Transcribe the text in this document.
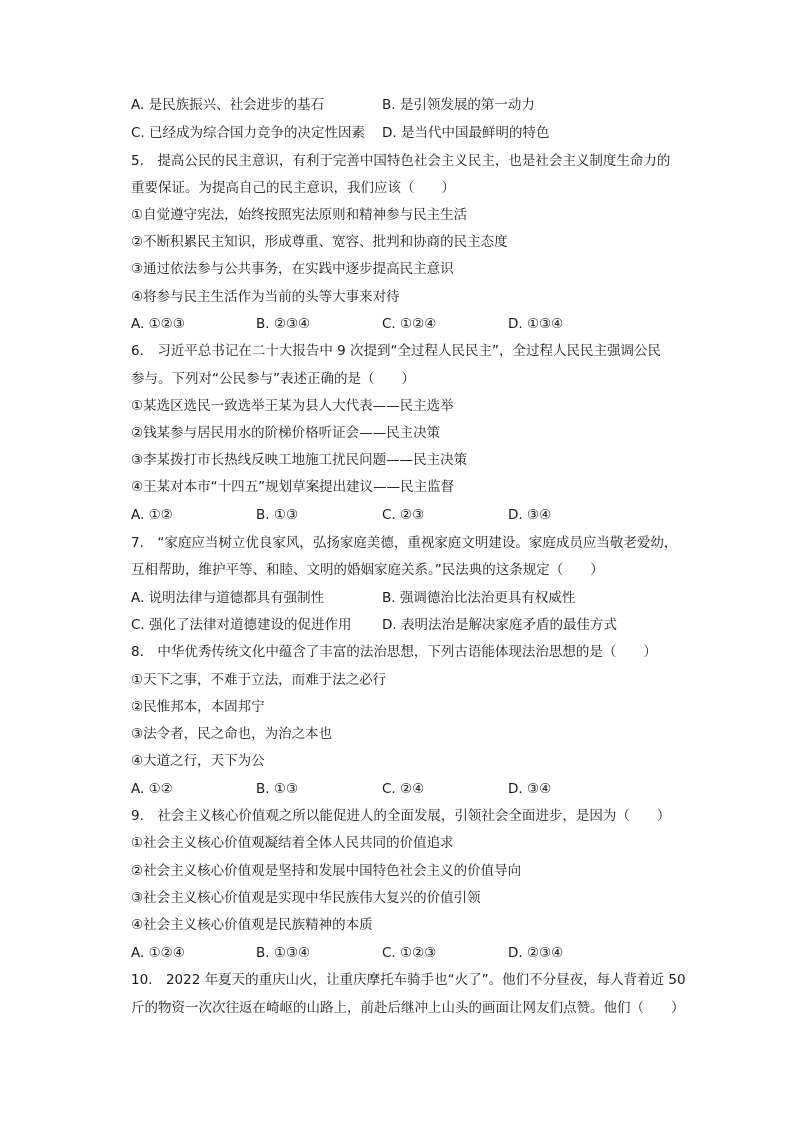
A. 是民族振兴、社会进步的基石	B. 是引领发展的第一动力
C. 已经成为综合国力竞争的决定性因素 D. 是当代中国最鲜明的特色
5.　提高公民的民主意识，有利于完善中国特色社会主义民主，也是社会主义制度生命力的
重要保证。为提高自己的民主意识，我们应该（　　）
①自觉遵守宪法，始终按照宪法原则和精神参与民主生活
②不断积累民主知识，形成尊重、宽容、批判和协商的民主态度
③通过依法参与公共事务，在实践中逐步提高民主意识
④将参与民主生活作为当前的头等大事来对待
A. ①②③	B. ②③④	C. ①②④	D. ①③④
6.　习近平总书记在二十大报告中 9 次提到“全过程人民民主”，全过程人民民主强调公民
参与。下列对“公民参与”表述正确的是（　　）
①某选区选民一致选举王某为县人大代表——民主选举
②钱某参与居民用水的阶梯价格听证会——民主决策
③李某拨打市长热线反映工地施工扰民问题——民主决策
④王某对本市“十四五”规划草案提出建议——民主监督
A. ①②	B. ①③	C. ②③	D. ③④
7.　“家庭应当树立优良家风，弘扬家庭美德，重视家庭文明建设。家庭成员应当敬老爱幼，
互相帮助，维护平等、和睦、文明的婚姻家庭关系。”民法典的这条规定（　　）
A. 说明法律与道德都具有强制性	B. 强调德治比法治更具有权威性
C. 强化了法律对道德建设的促进作用 D. 表明法治是解决家庭矛盾的最佳方式
8.　中华优秀传统文化中蕴含了丰富的法治思想，下列古语能体现法治思想的是（　　）
①天下之事，不难于立法，而难于法之必行
②民惟邦本，本固邦宁
③法令者，民之命也，为治之本也
④大道之行，天下为公
A. ①②	B. ①③	C. ②④	D. ③④
9.　社会主义核心价值观之所以能促进人的全面发展，引领社会全面进步，是因为（　　）
①社会主义核心价值观凝结着全体人民共同的价值追求
②社会主义核心价值观是坚持和发展中国特色社会主义的价值导向
③社会主义核心价值观是实现中华民族伟大复兴的价值引领
④社会主义核心价值观是民族精神的本质
A. ①②④	B. ①③④	C. ①②③	D. ②③④
10.　2022 年夏天的重庆山火，让重庆摩托车骑手也“火了”。他们不分昼夜，每人背着近 50
斤的物资一次次往返在崎岖的山路上，前赴后继冲上山头的画面让网友们点赞。他们（　　）
